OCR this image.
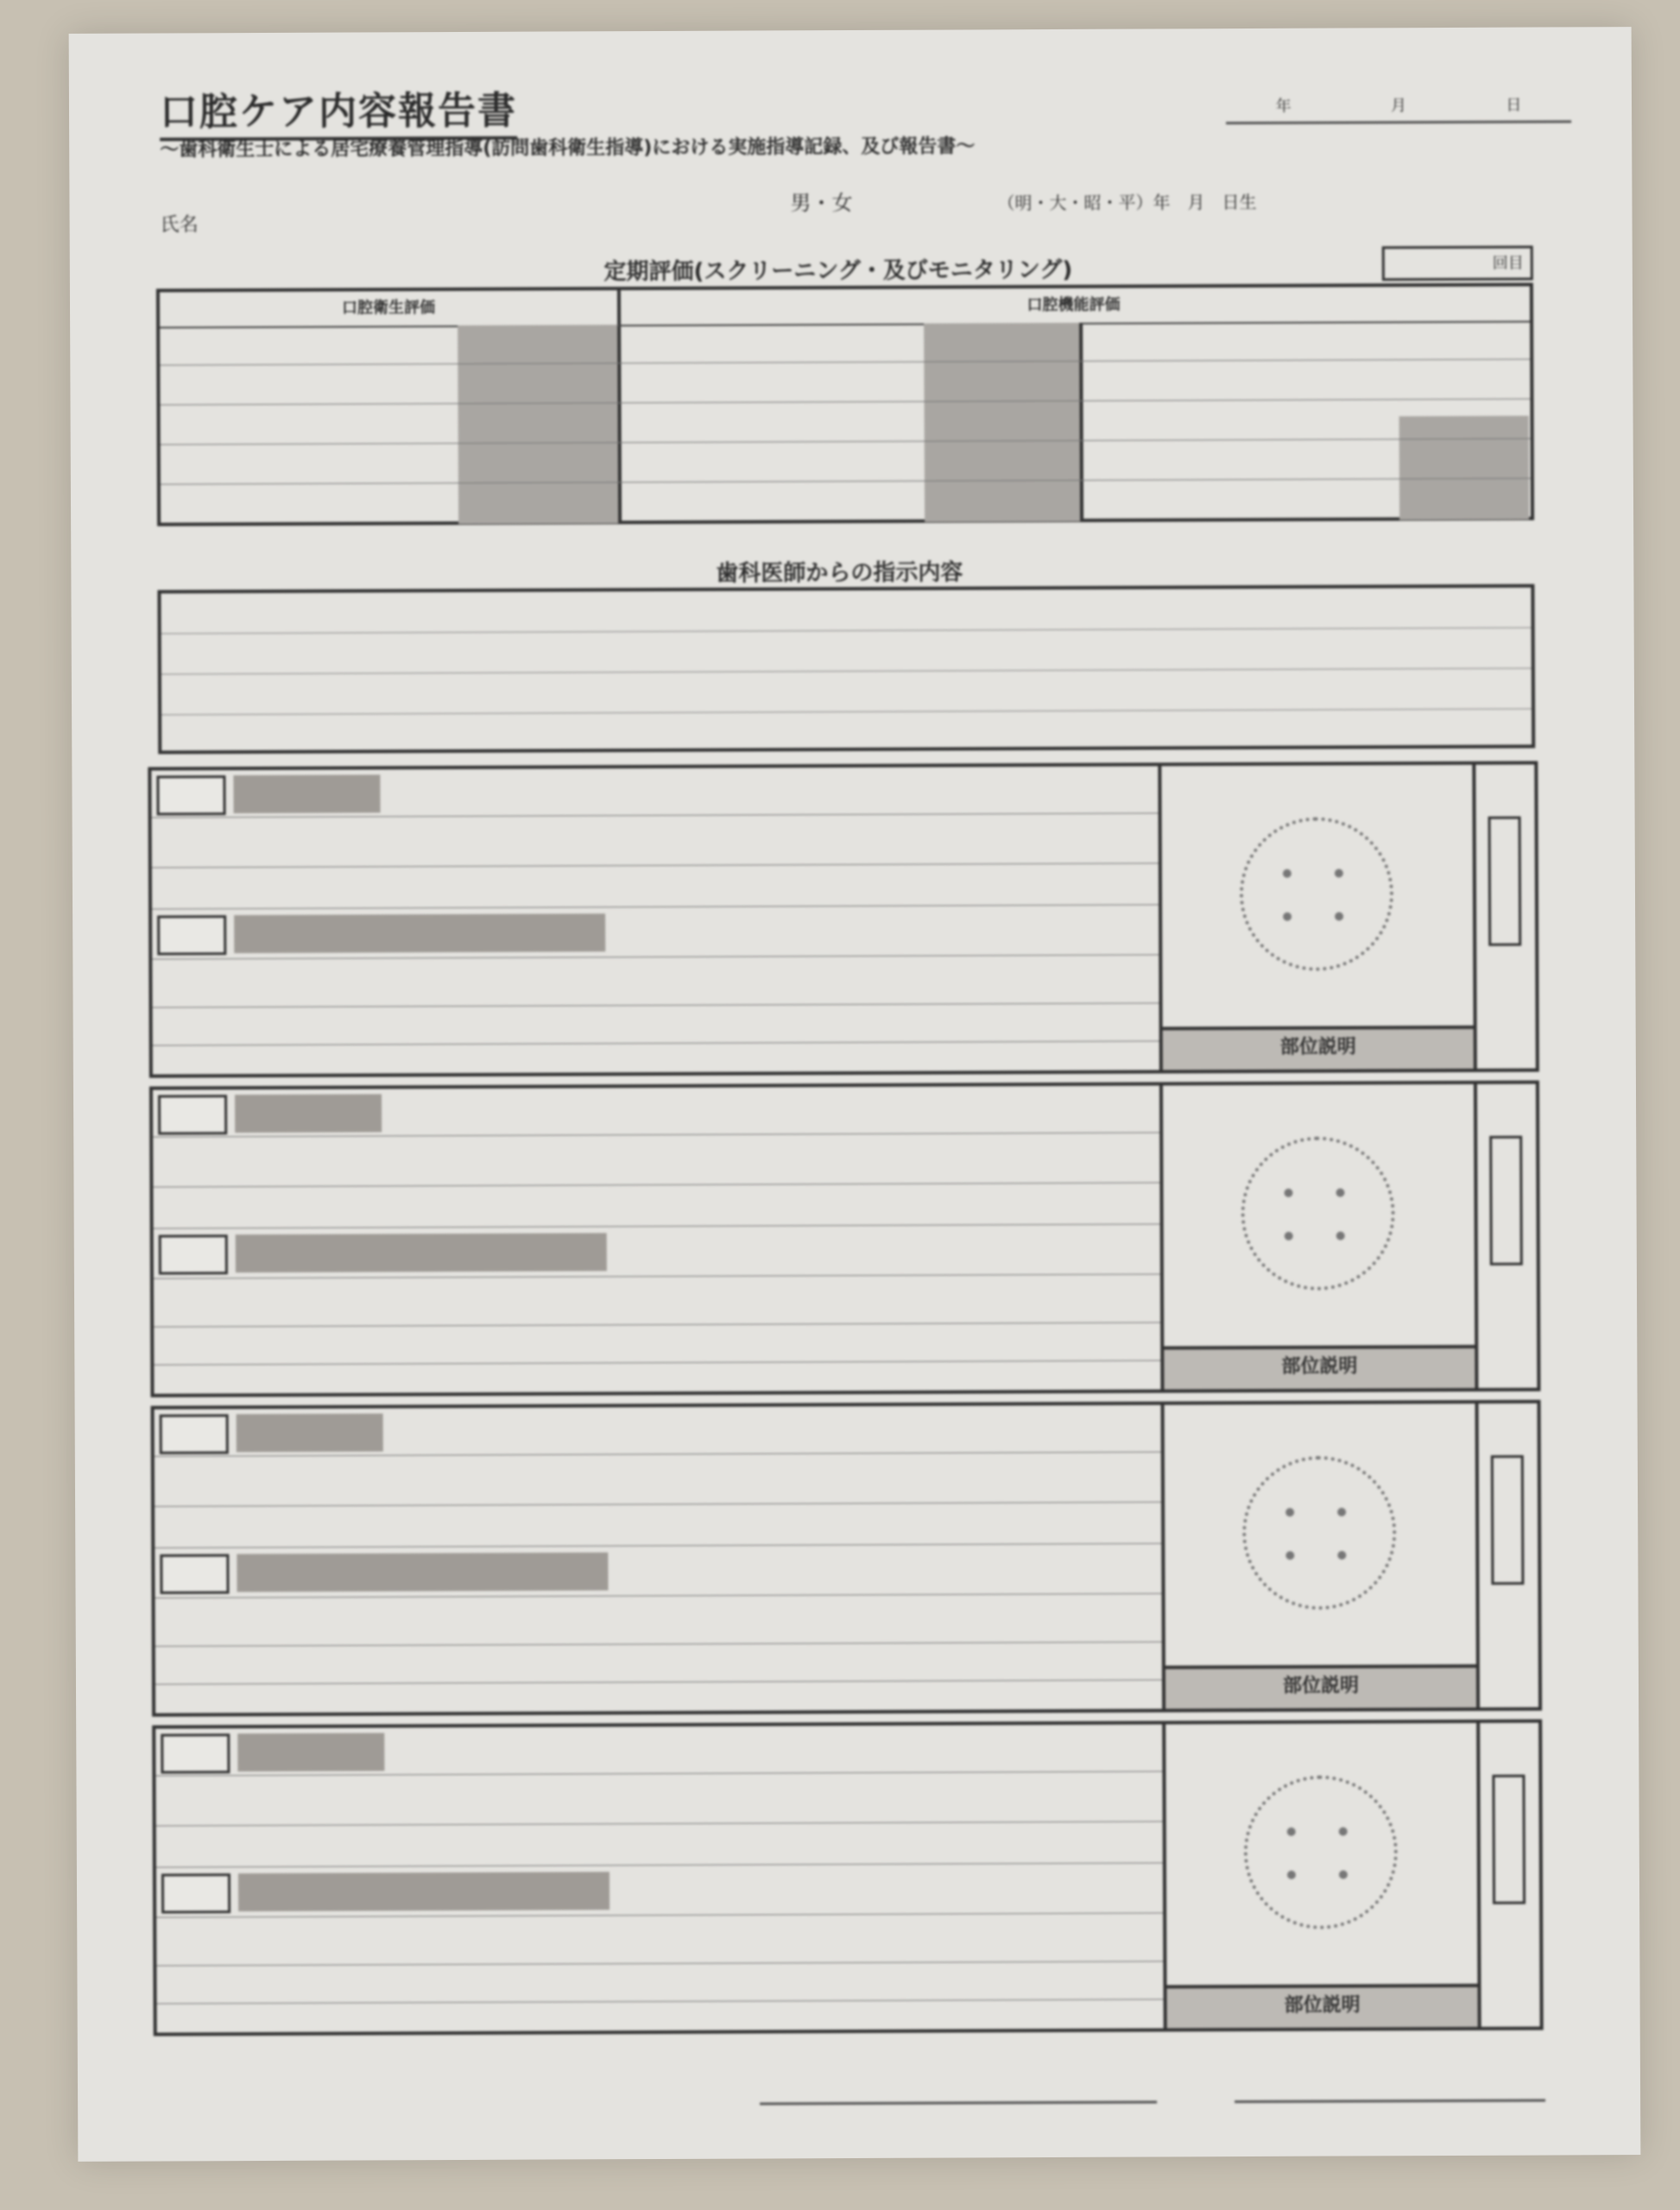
口腔ケア内容報告書
〜歯科衛生士による居宅療養管理指導(訪問歯科衛生指導)における実施指導記録、及び報告書〜
年	月	日
氏名
男・女	（明・大・昭・平）年　月　日生
定期評価(スクリーニング・及びモニタリング)	回目
口腔衛生評価	口腔機能評価
歯科医師からの指示内容
部位説明
部位説明
部位説明
部位説明
